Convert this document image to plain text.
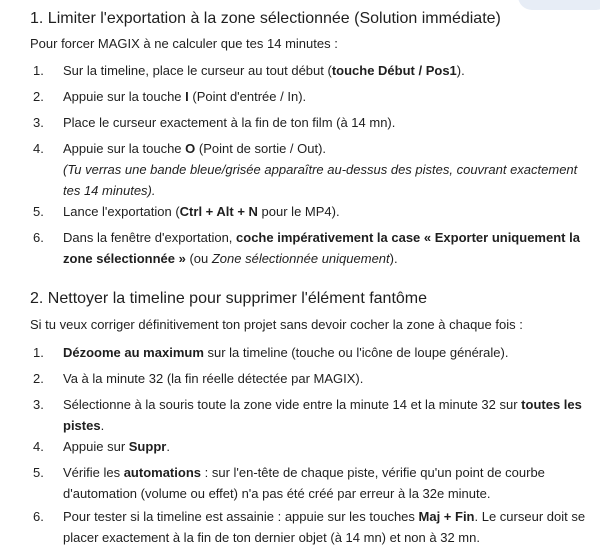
1. Limiter l'exportation à la zone sélectionnée (Solution immédiate)

Pour forcer MAGIX à ne calculer que tes 14 minutes :

1.	Sur la timeline, place le curseur au tout début (touche Début / Pos1).
2.	Appuie sur la touche I (Point d'entrée / In).
3.	Place le curseur exactement à la fin de ton film (à 14 mn).
4.	Appuie sur la touche O (Point de sortie / Out).
(Tu verras une bande bleue/grisée apparaître au-dessus des pistes, couvrant exactement tes 14 minutes).
5.	Lance l'exportation (Ctrl + Alt + N pour le MP4).
6.	Dans la fenêtre d'exportation, coche impérativement la case « Exporter uniquement la zone sélectionnée » (ou Zone sélectionnée uniquement).
2. Nettoyer la timeline pour supprimer l'élément fantôme

Si tu veux corriger définitivement ton projet sans devoir cocher la zone à chaque fois :

1.	Dézoome au maximum sur la timeline (touche ou l'icône de loupe générale).
2.	Va à la minute 32 (la fin réelle détectée par MAGIX).
3.	Sélectionne à la souris toute la zone vide entre la minute 14 et la minute 32 sur toutes les pistes.
4.	Appuie sur Suppr.
5.	Vérifie les automations : sur l'en-tête de chaque piste, vérifie qu'un point de courbe d'automation (volume ou effet) n'a pas été créé par erreur à la 32e minute.
6.	Pour tester si la timeline est assainie : appuie sur les touches Maj + Fin. Le curseur doit se placer exactement à la fin de ton dernier objet (à 14 mn) et non à 32 mn.
